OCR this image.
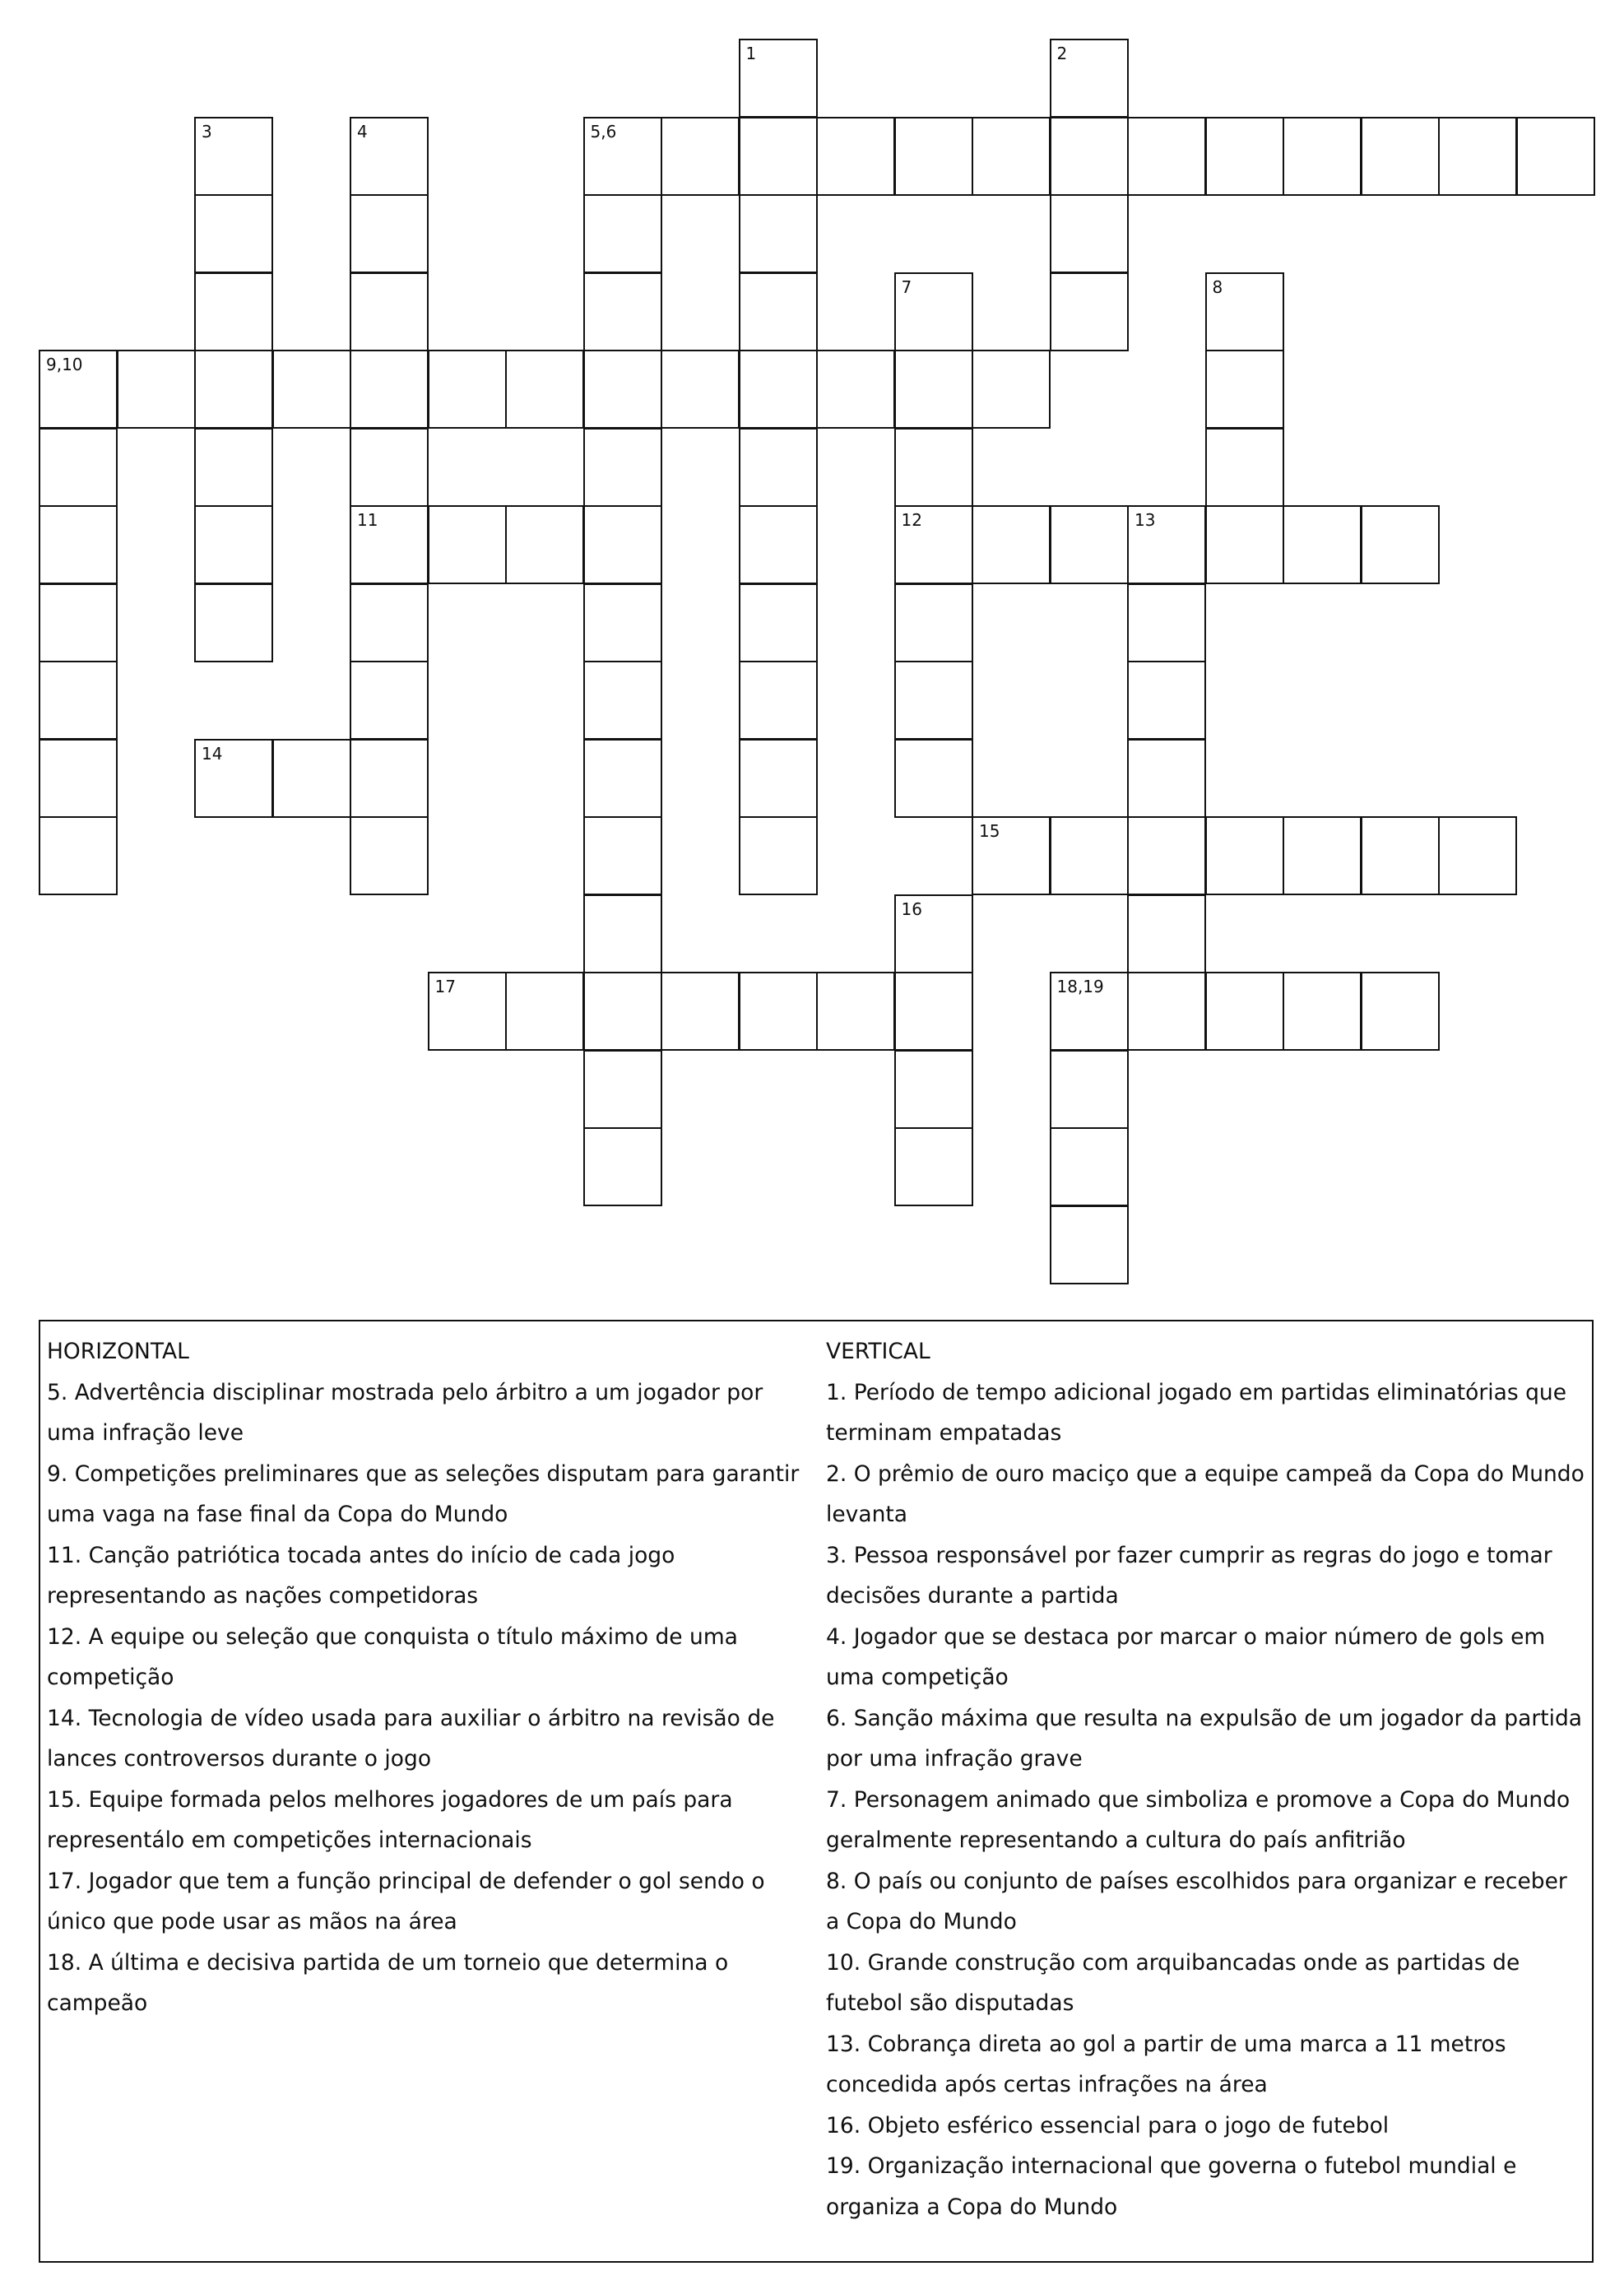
1	2
3	4	5,6
7	8
9,10
11	12	13
14
15
16
17	18,19
HORIZONTAL
5. Advertência disciplinar mostrada pelo árbitro a um jogador por
uma infração leve
9. Competições preliminares que as seleções disputam para garantir
uma vaga na fase final da Copa do Mundo
11. Canção patriótica tocada antes do início de cada jogo
representando as nações competidoras
12. A equipe ou seleção que conquista o título máximo de uma
competição
14. Tecnologia de vídeo usada para auxiliar o árbitro na revisão de
lances controversos durante o jogo
15. Equipe formada pelos melhores jogadores de um país para
representálo em competições internacionais
17. Jogador que tem a função principal de defender o gol sendo o
único que pode usar as mãos na área
18. A última e decisiva partida de um torneio que determina o
campeão
VERTICAL
1. Período de tempo adicional jogado em partidas eliminatórias que
terminam empatadas
2. O prêmio de ouro maciço que a equipe campeã da Copa do Mundo
levanta
3. Pessoa responsável por fazer cumprir as regras do jogo e tomar
decisões durante a partida
4. Jogador que se destaca por marcar o maior número de gols em
uma competição
6. Sanção máxima que resulta na expulsão de um jogador da partida
por uma infração grave
7. Personagem animado que simboliza e promove a Copa do Mundo
geralmente representando a cultura do país anfitrião
8. O país ou conjunto de países escolhidos para organizar e receber
a Copa do Mundo
10. Grande construção com arquibancadas onde as partidas de
futebol são disputadas
13. Cobrança direta ao gol a partir de uma marca a 11 metros
concedida após certas infrações na área
16. Objeto esférico essencial para o jogo de futebol
19. Organização internacional que governa o futebol mundial e
organiza a Copa do Mundo
